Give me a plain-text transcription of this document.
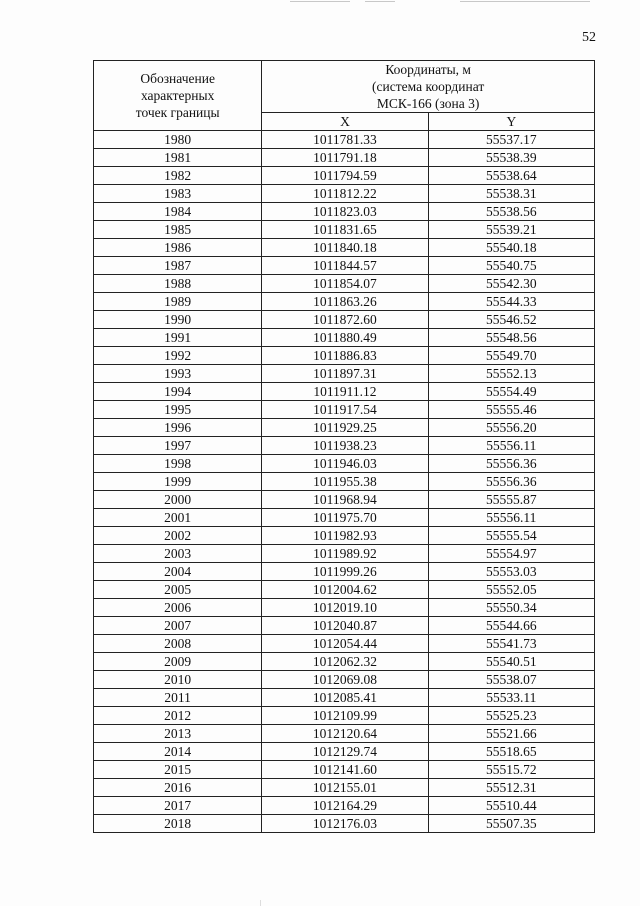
52
Обозначение
характерных
точек границы	Координаты, м
(система координат
МСК-166 (зона 3)	

	X	Y
1980	1011781.33	55537.17
1981	1011791.18	55538.39
1982	1011794.59	55538.64
1983	1011812.22	55538.31
1984	1011823.03	55538.56
1985	1011831.65	55539.21
1986	1011840.18	55540.18
1987	1011844.57	55540.75
1988	1011854.07	55542.30
1989	1011863.26	55544.33
1990	1011872.60	55546.52
1991	1011880.49	55548.56
1992	1011886.83	55549.70
1993	1011897.31	55552.13
1994	1011911.12	55554.49
1995	1011917.54	55555.46
1996	1011929.25	55556.20
1997	1011938.23	55556.11
1998	1011946.03	55556.36
1999	1011955.38	55556.36
2000	1011968.94	55555.87
2001	1011975.70	55556.11
2002	1011982.93	55555.54
2003	1011989.92	55554.97
2004	1011999.26	55553.03
2005	1012004.62	55552.05
2006	1012019.10	55550.34
2007	1012040.87	55544.66
2008	1012054.44	55541.73
2009	1012062.32	55540.51
2010	1012069.08	55538.07
2011	1012085.41	55533.11
2012	1012109.99	55525.23
2013	1012120.64	55521.66
2014	1012129.74	55518.65
2015	1012141.60	55515.72
2016	1012155.01	55512.31
2017	1012164.29	55510.44
2018	1012176.03	55507.35
